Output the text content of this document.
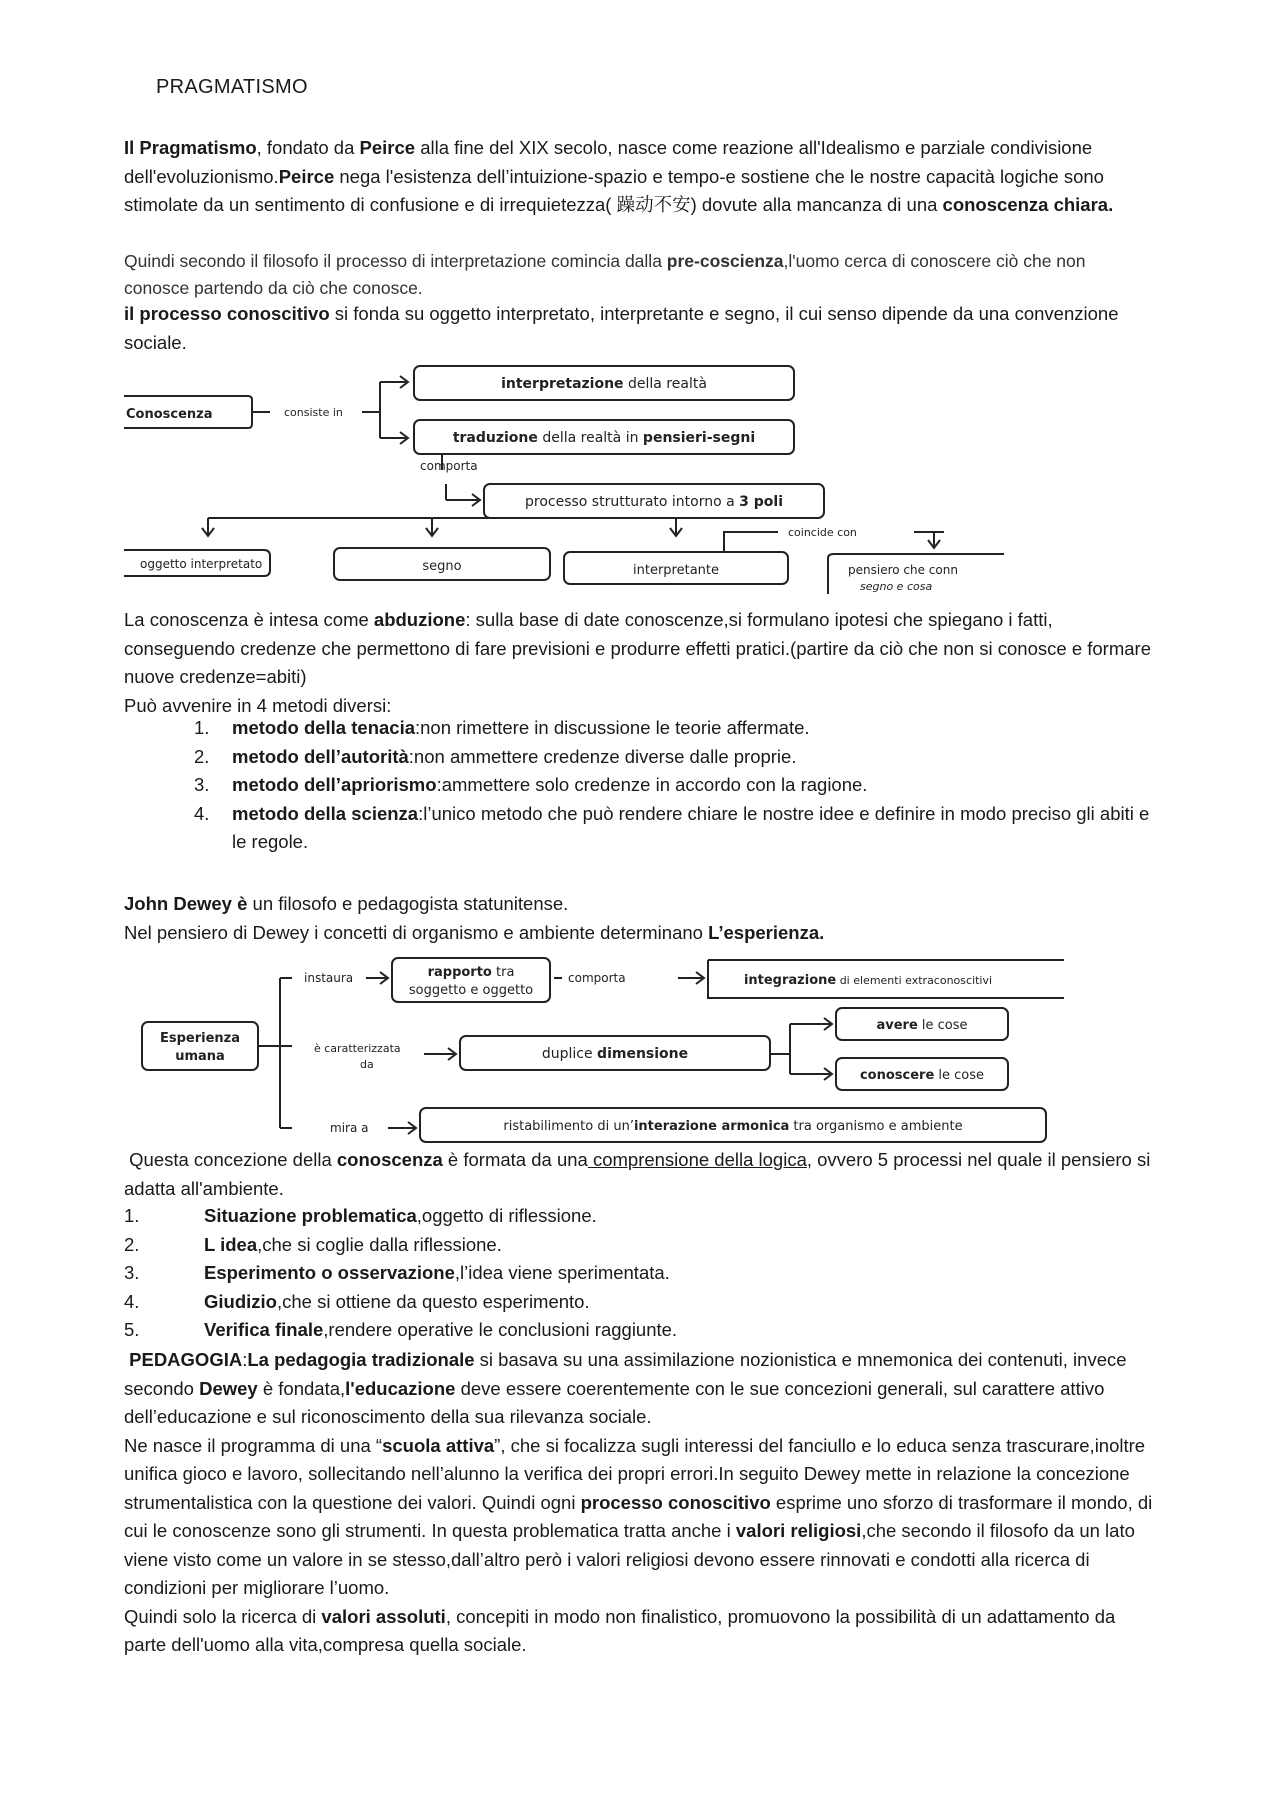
PRAGMATISMO
Il Pragmatismo, fondato da Peirce alla fine del XIX secolo, nasce come reazione all'Idealismo e parziale condivisione dell'evoluzionismo.Peirce nega l'esistenza dell’intuizione-spazio e tempo-e sostiene che le nostre capacità logiche sono stimolate da un sentimento di confusione e di irrequietezza( 躁动不安) dovute alla mancanza di una conoscenza chiara.
Quindi secondo il filosofo il processo di interpretazione comincia dalla pre-coscienza,l'uomo cerca di conoscere ciò che non conosce partendo da ciò che conosce.
il processo conoscitivo si fonda su oggetto interpretato, interpretante e segno, il cui senso dipende da una convenzione sociale.
Conoscenza	consiste in
interpretazione della realtà
traduzione della realtà in pensieri-segni
comporta
processo strutturato intorno a 3 poli
coincide con
oggetto interpretato	segno	interpretante	pensiero che conn
segno e cosa
La conoscenza è intesa come abduzione: sulla base di date conoscenze,si formulano ipotesi che spiegano i fatti, conseguendo credenze che permettono di fare previsioni e produrre effetti pratici.(partire da ciò che non si conosce e formare nuove credenze=abiti)
Può avvenire in 4 metodi diversi:
1. metodo della tenacia:non rimettere in discussione le teorie affermate.
2. metodo dell’autorità:non ammettere credenze diverse dalle proprie.
3. metodo dell’apriorismo:ammettere solo credenze in accordo con la ragione.
4. metodo della scienza:l’unico metodo che può rendere chiare le nostre idee e definire in modo preciso gli abiti e le regole.
John Dewey è un filosofo e pedagogista statunitense.
Nel pensiero di Dewey i concetti di organismo e ambiente determinano L’esperienza.
Esperienza
umana
instaura	rapporto tra
soggetto e oggetto
comporta	integrazione di elementi extraconoscitivi
è caratterizzata
da
duplice dimensione
avere le cose
conoscere le cose
mira a	ristabilimento di un’interazione armonica tra organismo e ambiente
Questa concezione della conoscenza è formata da una comprensione della logica, ovvero 5 processi nel quale il pensiero si adatta all'ambiente.
1.	Situazione problematica,oggetto di riflessione.
2.	L idea,che si coglie dalla riflessione.
3.	Esperimento o osservazione,l’idea viene sperimentata.
4.	Giudizio,che si ottiene da questo esperimento.
5.	Verifica finale,rendere operative le conclusioni raggiunte.
PEDAGOGIA:La pedagogia tradizionale si basava su una assimilazione nozionistica e mnemonica dei contenuti, invece secondo Dewey è fondata,l'educazione deve essere coerentemente con le sue concezioni generali, sul carattere attivo dell’educazione e sul riconoscimento della sua rilevanza sociale.
Ne nasce il programma di una “scuola attiva”, che si focalizza sugli interessi del fanciullo e lo educa senza trascurare,inoltre unifica gioco e lavoro, sollecitando nell’alunno la verifica dei propri errori.In seguito Dewey mette in relazione la concezione strumentalistica con la questione dei valori. Quindi ogni processo conoscitivo esprime uno sforzo di trasformare il mondo, di cui le conoscenze sono gli strumenti. In questa problematica tratta anche i valori religiosi,che secondo il filosofo da un lato viene visto come un valore in se stesso,dall’altro però i valori religiosi devono essere rinnovati e condotti alla ricerca di condizioni per migliorare l’uomo.
Quindi solo la ricerca di valori assoluti, concepiti in modo non finalistico, promuovono la possibilità di un adattamento da parte dell'uomo alla vita,compresa quella sociale.
